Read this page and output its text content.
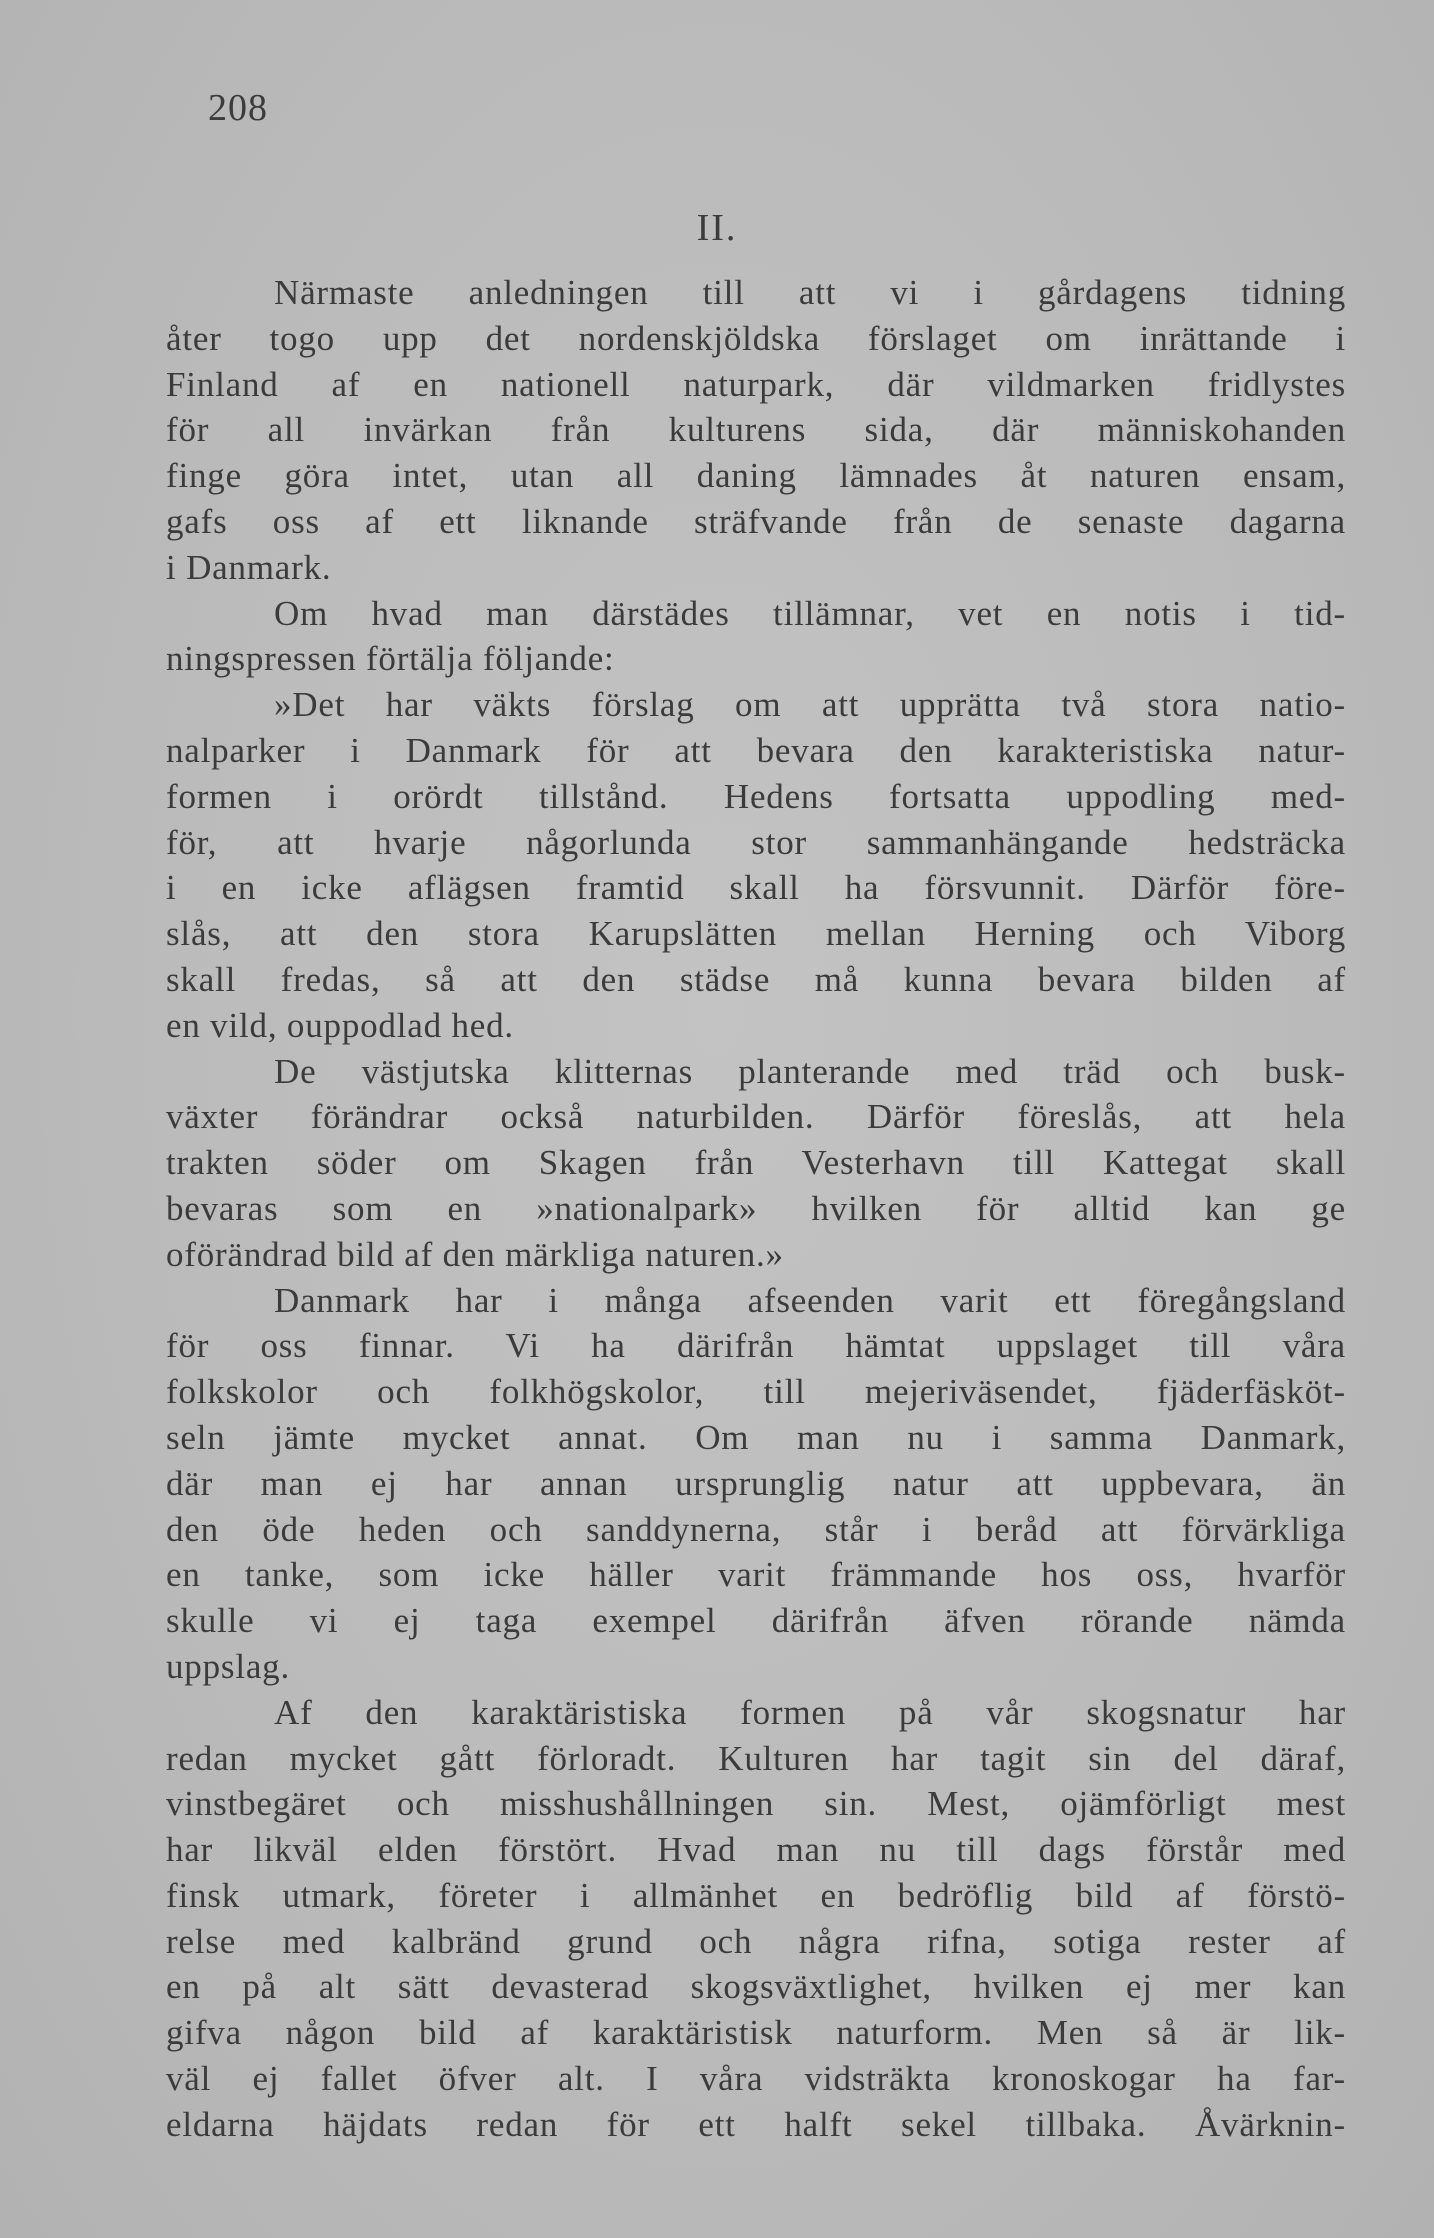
208
II.
Närmaste anledningen till att vi i gårdagens tidning
åter togo upp det nordenskjöldska förslaget om inrättande i
Finland af en nationell naturpark, där vildmarken fridlystes
för all invärkan från kulturens sida, där människohanden
finge göra intet, utan all daning lämnades åt naturen ensam,
gafs oss af ett liknande sträfvande från de senaste dagarna
i Danmark.
Om hvad man därstädes tillämnar, vet en notis i tid-
ningspressen förtälja följande:
»Det har väkts förslag om att upprätta två stora natio-
nalparker i Danmark för att bevara den karakteristiska natur-
formen i orördt tillstånd. Hedens fortsatta uppodling med-
för, att hvarje någorlunda stor sammanhängande hedsträcka
i en icke aflägsen framtid skall ha försvunnit. Därför före-
slås, att den stora Karupslätten mellan Herning och Viborg
skall fredas, så att den städse må kunna bevara bilden af
en vild, ouppodlad hed.
De västjutska klitternas planterande med träd och busk-
växter förändrar också naturbilden. Därför föreslås, att hela
trakten söder om Skagen från Vesterhavn till Kattegat skall
bevaras som en »nationalpark» hvilken för alltid kan ge
oförändrad bild af den märkliga naturen.»
Danmark har i många afseenden varit ett föregångsland
för oss finnar. Vi ha därifrån hämtat uppslaget till våra
folkskolor och folkhögskolor, till mejeriväsendet, fjäderfäsköt-
seln jämte mycket annat. Om man nu i samma Danmark,
där man ej har annan ursprunglig natur att uppbevara, än
den öde heden och sanddynerna, står i beråd att förvärkliga
en tanke, som icke häller varit främmande hos oss, hvarför
skulle vi ej taga exempel därifrån äfven rörande nämda
uppslag.
Af den karaktäristiska formen på vår skogsnatur har
redan mycket gått förloradt. Kulturen har tagit sin del däraf,
vinstbegäret och misshushållningen sin. Mest, ojämförligt mest
har likväl elden förstört. Hvad man nu till dags förstår med
finsk utmark, företer i allmänhet en bedröflig bild af förstö-
relse med kalbränd grund och några rifna, sotiga rester af
en på alt sätt devasterad skogsväxtlighet, hvilken ej mer kan
gifva någon bild af karaktäristisk naturform. Men så är lik-
väl ej fallet öfver alt. I våra vidsträkta kronoskogar ha far-
eldarna häjdats redan för ett halft sekel tillbaka. Åvärknin-
